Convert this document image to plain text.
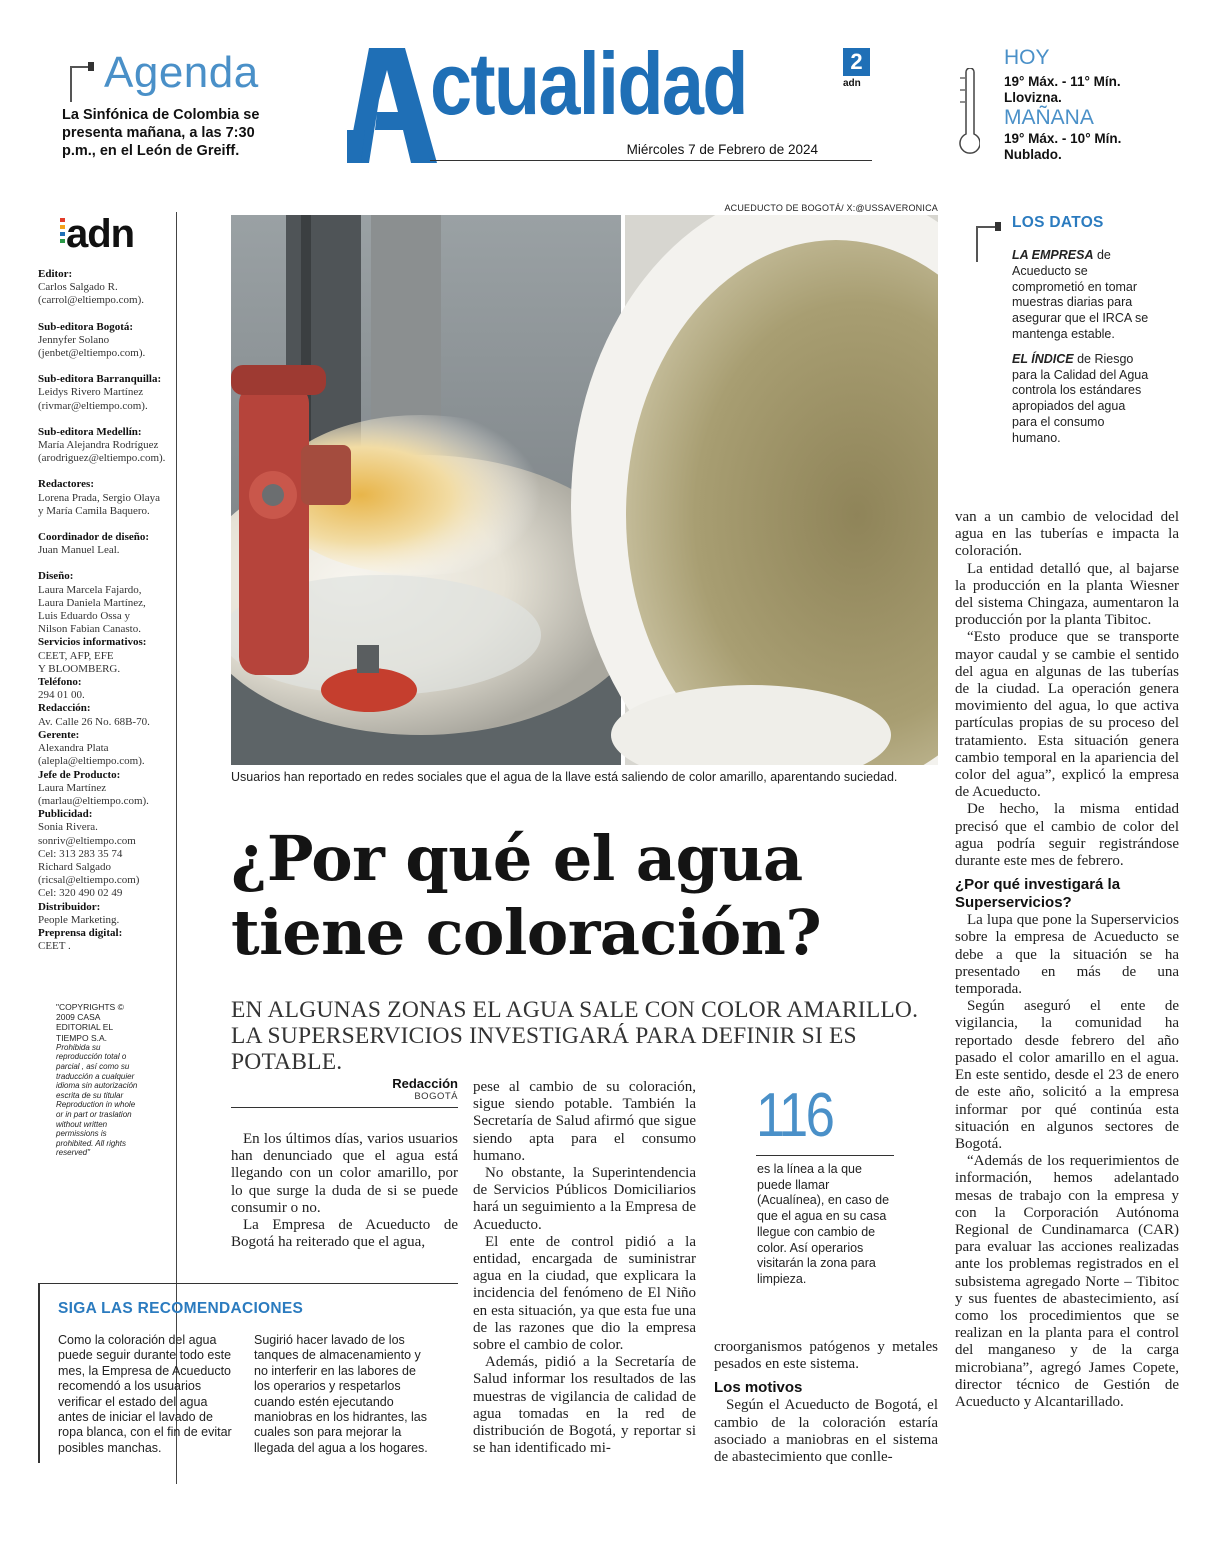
Agenda
La Sinfónica de Colombia se presenta mañana, a las 7:30 p.m., en el León de Greiff.
ctualidad	2
adn
Miércoles 7 de Febrero de 2024
HOY
19° Máx. - 11° Mín.
Lloviznа.
MAÑANA
19° Máx. - 10° Mín.
Nublado.
adn
Editor:
Carlos Salgado R.
(carrol@eltiempo.com).
Sub-editora Bogotá:
Jennyfer Solano
(jenbet@eltiempo.com).
Sub-editora Barranquilla:
Leidys Rivero Martínez
(rivmar@eltiempo.com).
Sub-editora Medellín:
María Alejandra Rodríguez
(arodriguez@eltiempo.com).
Redactores:
Lorena Prada, Sergio Olaya
y María Camila Baquero.
Coordinador de diseño:
Juan Manuel Leal.
Diseño:
Laura Marcela Fajardo,
Laura Daniela Martínez,
Luis Eduardo Ossa y
Nilson Fabian Canasto.
Servicios informativos:
CEET, AFP, EFE
Y BLOOMBERG.
Teléfono:
294 01 00.
Redacción:
Av. Calle 26 No. 68B-70.
Gerente:
Alexandra Plata
(alepla@eltiempo.com).
Jefe de Producto:
Laura Martínez
(marlau@eltiempo.com).
Publicidad:
Sonia Rivera.
sonriv@eltiempo.com
Cel: 313 283 35 74
Richard Salgado
(ricsal@eltiempo.com)
Cel: 320 490 02 49
Distribuidor:
People Marketing.
Preprensa digital:
CEET .
"COPYRIGHTS © 2009 CASA EDITORIAL EL TIEMPO S.A.
Prohibida su reproducción total o parcial , así como su traducción a cualquier idioma sin autorización escrita de su titular Reproduction in whole or in part or traslation without written permissions is prohibited. All rights reserved"
ACUEDUCTO DE BOGOTÁ/ X:@USSAVERONICA
Usuarios han reportado en redes sociales que el agua de la llave está saliendo de color amarillo, aparentando suciedad.
¿Por qué el agua tiene coloración?
EN ALGUNAS ZONAS EL AGUA SALE CON COLOR AMARILLO. LA SUPERSERVICIOS INVESTIGARÁ PARA DEFINIR SI ES POTABLE.
Redacción
BOGOTÁ

En los últimos días, varios usuarios han denunciado que el agua está llegando con un color amarillo, por lo que surge la duda de si se puede consumir o no.

La Empresa de Acueducto de Bogotá ha reiterado que el agua,

pese al cambio de su coloración, sigue siendo potable. También la Secretaría de Salud afirmó que sigue siendo apta para el consumo humano.

No obstante, la Superintendencia de Servicios Públicos Domiciliarios hará un seguimiento a la Empresa de Acueducto.

El ente de control pidió a la entidad, encargada de suministrar agua en la ciudad, que explicara la incidencia del fenómeno de El Niño en esta situación, ya que esta fue una de las razones que dio la empresa sobre el cambio de color.

Además, pidió a la Secretaría de Salud informar los resultados de las muestras de vigilancia de calidad de agua tomadas en la red de distribución de Bogotá, y reportar si se han identificado mi-

116
es la línea a la que puede llamar (Acualínea), en caso de que el agua en su casa llegue con cambio de color. Así operarios visitarán la zona para limpieza.

croorganismos patógenos y metales pesados en este sistema.

Los motivos

Según el Acueducto de Bogotá, el cambio de la coloración estaría asociado a maniobras en el sistema de abastecimiento que conlle-

van a un cambio de velocidad del agua en las tuberías e impacta la coloración.

La entidad detalló que, al bajarse la producción en la planta Wiesner del sistema Chingaza, aumentaron la producción por la planta Tibitoc.

“Esto produce que se transporte mayor caudal y se cambie el sentido del agua en algunas de las tuberías de la ciudad. La operación genera movimiento del agua, lo que activa partículas propias de su proceso del tratamiento. Esta situación genera cambio temporal en la apariencia del color del agua”, explicó la empresa de Acueducto.

De hecho, la misma entidad precisó que el cambio de color del agua podría seguir registrándose durante este mes de febrero.

¿Por qué investigará la Superservicios?

La lupa que pone la Superservicios sobre la empresa de Acueducto se debe a que la situación se ha presentado en más de una temporada.

Según aseguró el ente de vigilancia, la comunidad ha reportado desde febrero del año pasado el color amarillo en el agua. En este sentido, desde el 23 de enero de este año, solicitó a la empresa informar por qué continúa esta situación en algunos sectores de Bogotá.

“Además de los requerimientos de información, hemos adelantado mesas de trabajo con la empresa y con la Corporación Autónoma Regional de Cundinamarca (CAR) para evaluar las acciones realizadas ante los problemas registrados en el subsistema agregado Norte – Tibitoc y sus fuentes de abastecimiento, así como los procedimientos que se realizan en la planta para el control del manganeso y de la carga microbiana”, agregó James Copete, director técnico de Gestión de Acueducto y Alcantarillado.

SIGA LAS RECOMENDACIONES
Como la coloración del agua puede seguir durante todo este mes, la Empresa de Acueducto recomendó a los usuarios verificar el estado del agua antes de iniciar el lavado de ropa blanca, con el fin de evitar posibles manchas.
Sugirió hacer lavado de los tanques de almacenamiento y no interferir en las labores de los operarios y respetarlos cuando estén ejecutando maniobras en los hidrantes, las cuales son para mejorar la llegada del agua a los hogares.
LOS DATOS

LA EMPRESA de Acueducto se comprometió en tomar muestras diarias para asegurar que el IRCA se mantenga estable.

EL ÍNDICE de Riesgo para la Calidad del Agua controla los estándares apropiados del agua para el consumo humano.
